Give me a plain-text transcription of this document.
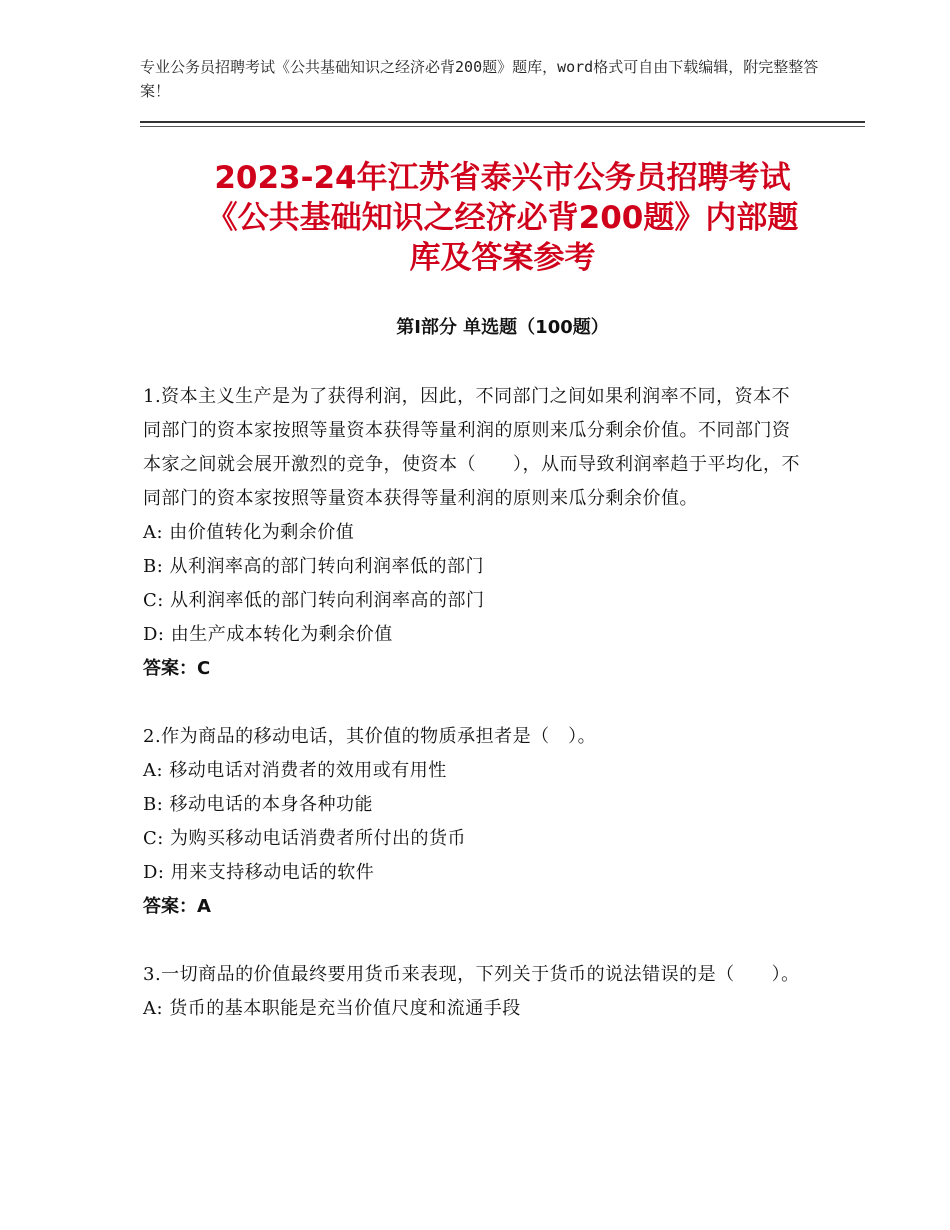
专业公务员招聘考试《公共基础知识之经济必背200题》题库，word格式可自由下载编辑，附完整整答案！
2023-24年江苏省泰兴市公务员招聘考试
《公共基础知识之经济必背200题》内部题
库及答案参考
第Ⅰ部分 单选题（100题）

1.资本主义生产是为了获得利润，因此，不同部门之间如果利润率不同，资本不同部门的资本家按照等量资本获得等量利润的原则来瓜分剩余价值。不同部门资本家之间就会展开激烈的竞争，使资本（　　），从而导致利润率趋于平均化，不同部门的资本家按照等量资本获得等量利润的原则来瓜分剩余价值。

A: 由价值转化为剩余价值

B: 从利润率高的部门转向利润率低的部门

C: 从利润率低的部门转向利润率高的部门

D: 由生产成本转化为剩余价值

答案：C

2.作为商品的移动电话，其价值的物质承担者是（　）。

A: 移动电话对消费者的效用或有用性

B: 移动电话的本身各种功能

C: 为购买移动电话消费者所付出的货币

D: 用来支持移动电话的软件

答案：A

3.一切商品的价值最终要用货币来表现，下列关于货币的说法错误的是（　　）。

A: 货币的基本职能是充当价值尺度和流通手段
